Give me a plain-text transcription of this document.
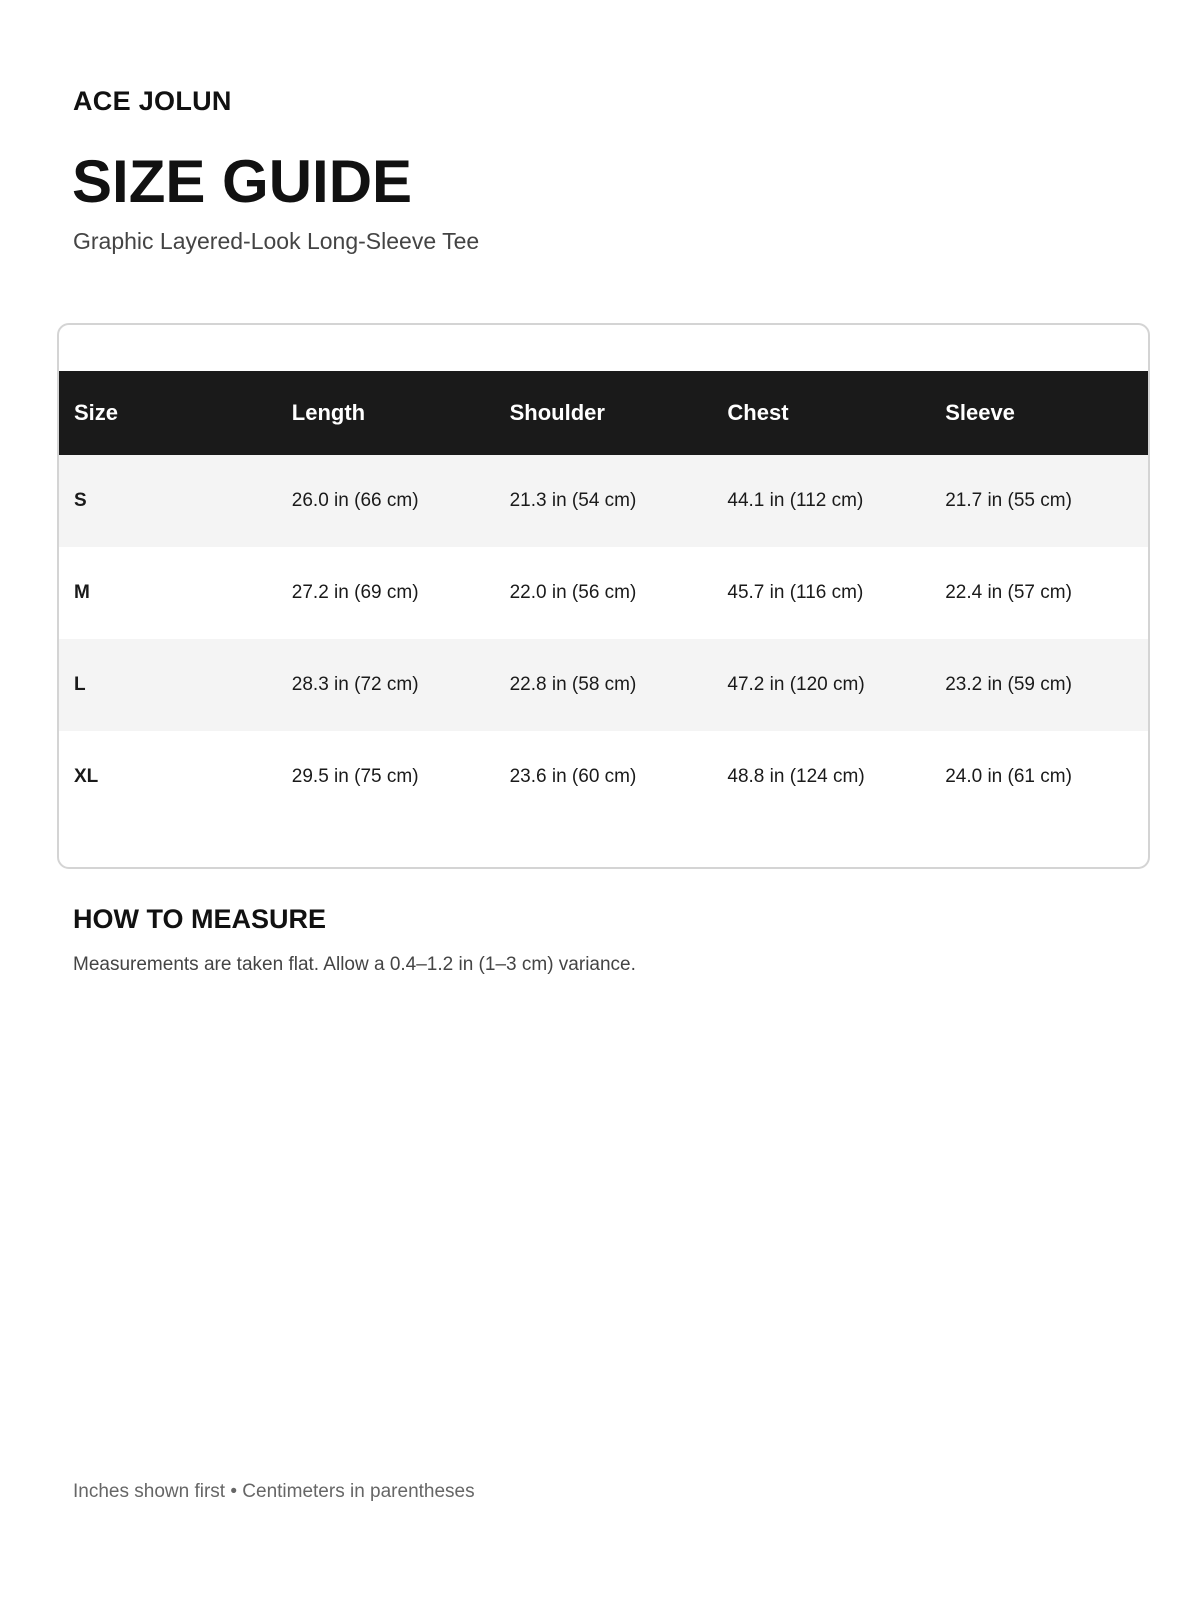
ACE JOLUN
SIZE GUIDE

Graphic Layered-Look Long-Sleeve Tee

Size	Length	Shoulder	Chest	Sleeve
S	26.0 in (66 cm)	21.3 in (54 cm)	44.1 in (112 cm)	21.7 in (55 cm)
M	27.2 in (69 cm)	22.0 in (56 cm)	45.7 in (116 cm)	22.4 in (57 cm)
L	28.3 in (72 cm)	22.8 in (58 cm)	47.2 in (120 cm)	23.2 in (59 cm)
XL	29.5 in (75 cm)	23.6 in (60 cm)	48.8 in (124 cm)	24.0 in (61 cm)
HOW TO MEASURE

Measurements are taken flat. Allow a 0.4–1.2 in (1–3 cm) variance.

Inches shown first • Centimeters in parentheses
